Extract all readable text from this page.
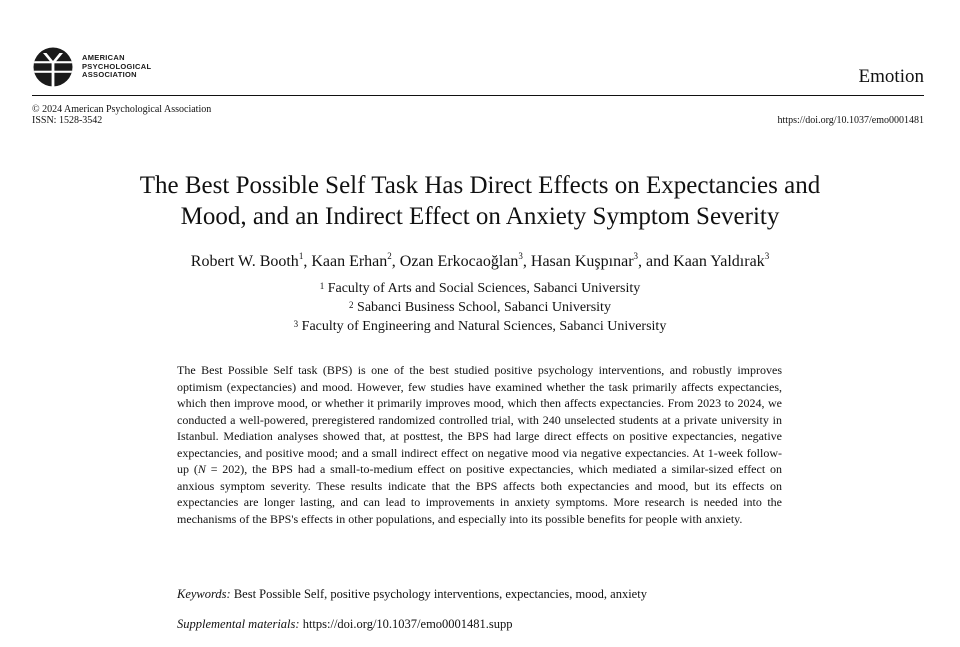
AMERICAN
PSYCHOLOGICAL
ASSOCIATION	Emotion
© 2024 American Psychological Association
ISSN: 1528-3542	https://doi.org/10.1037/emo0001481
The Best Possible Self Task Has Direct Effects on Expectancies and
Mood, and an Indirect Effect on Anxiety Symptom Severity
Robert W. Booth$^1$, Kaan Erhan$^2$, Ozan Erkocaoğlan$^3$, Hasan Kuşpınar$^3$, and Kaan Yaldırak$^3$
$^1$ Faculty of Arts and Social Sciences, Sabanci University
$^2$ Sabanci Business School, Sabanci University
$^3$ Faculty of Engineering and Natural Sciences, Sabanci University

The Best Possible Self task (BPS) is one of the best studied positive psychology interventions, and robustly improves optimism (expectancies) and mood. However, few studies have examined whether the task primarily affects expectancies, which then improve mood, or whether it primarily improves mood, which then affects expectancies. From 2023 to 2024, we conducted a well-powered, preregistered randomized controlled trial, with 240 unselected students at a private university in Istanbul. Mediation analyses showed that, at posttest, the BPS had large direct effects on positive expectancies, negative expectancies, and positive mood; and a small indirect effect on negative mood via negative expectancies. At 1-week follow-up (N = 202), the BPS had a small-to-medium effect on positive expectancies, which mediated a similar-sized effect on anxious symptom severity. These results indicate that the BPS affects both expectancies and mood, but its effects on expectancies are longer lasting, and can lead to improvements in anxiety symptoms. More research is needed into the mechanisms of the BPS's effects in other populations, and especially into its possible benefits for people with anxiety.

Keywords: Best Possible Self, positive psychology interventions, expectancies, mood, anxiety
Supplemental materials: https://doi.org/10.1037/emo0001481.supp
